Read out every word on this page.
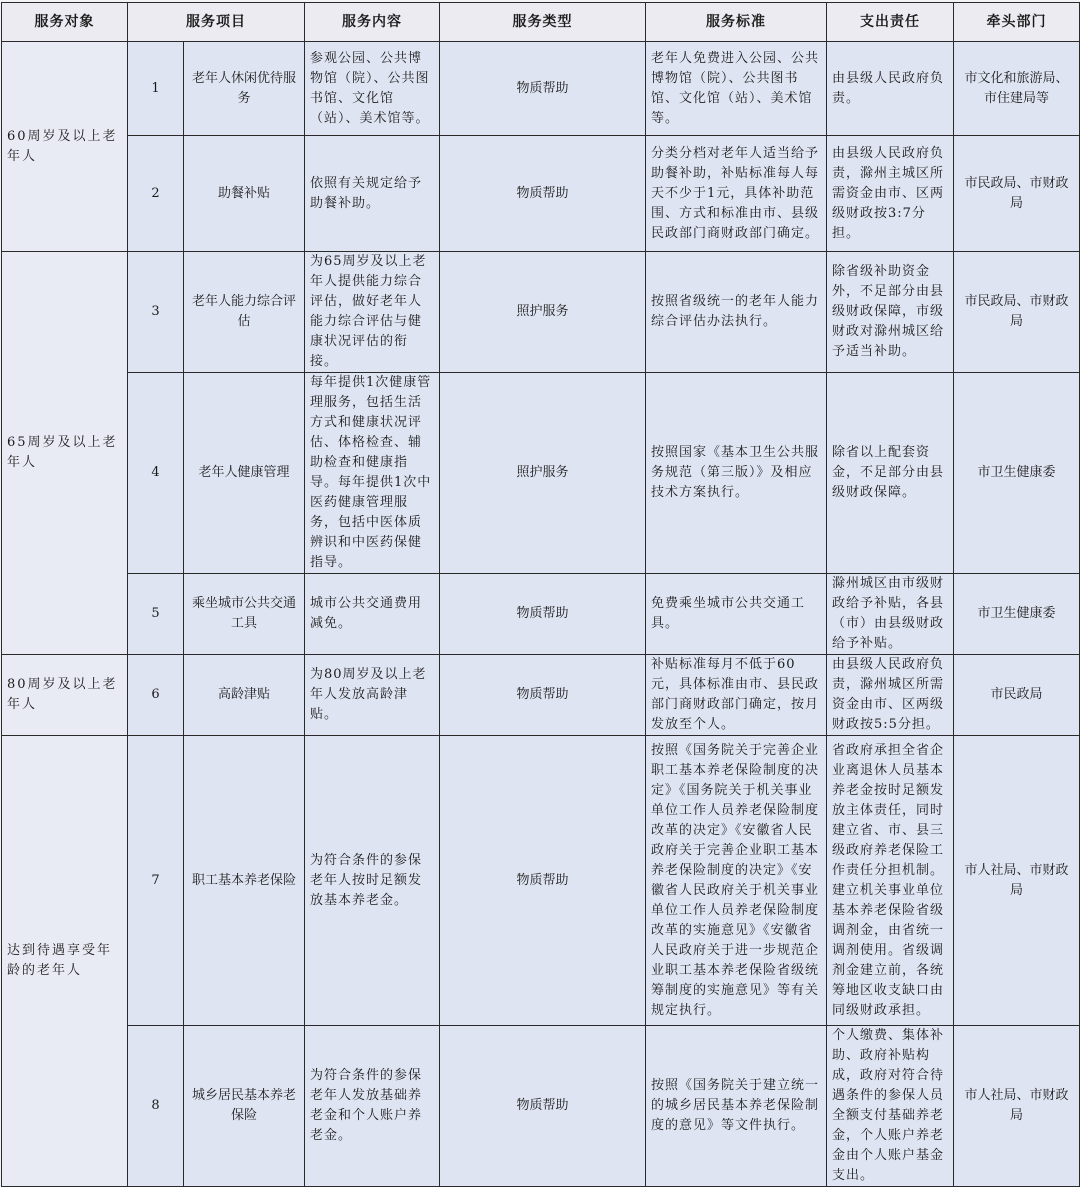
服务对象	服务项目		服务内容	服务类型	服务标准	支出责任	牵头部门
60周岁及以上老年人	1	老年人休闲优待服务	参观公园、公共博物馆（院）、公共图书馆、文化馆（站）、美术馆等。	物质帮助	老年人免费进入公园、公共博物馆（院）、公共图书馆、文化馆（站）、美术馆等。	由县级人民政府负责。	市文化和旅游局、市住建局等
	2	助餐补贴	依照有关规定给予助餐补助。	物质帮助	分类分档对老年人适当给予助餐补助，补贴标准每人每天不少于1元，具体补助范围、方式和标准由市、县级民政部门商财政部门确定。	由县级人民政府负责，滁州主城区所需资金由市、区两级财政按3:7分担。	市民政局、市财政局
65周岁及以上老年人	3	老年人能力综合评估	为65周岁及以上老年人提供能力综合评估，做好老年人能力综合评估与健康状况评估的衔接。	照护服务	按照省级统一的老年人能力综合评估办法执行。	除省级补助资金外，不足部分由县级财政保障，市级财政对滁州城区给予适当补助。	市民政局、市财政局
	4	老年人健康管理	每年提供1次健康管理服务，包括生活方式和健康状况评估、体格检查、辅助检查和健康指导。每年提供1次中医药健康管理服务，包括中医体质辨识和中医药保健指导。	照护服务	按照国家《基本卫生公共服务规范（第三版）》及相应技术方案执行。	除省以上配套资金，不足部分由县级财政保障。	市卫生健康委
	5	乘坐城市公共交通工具	城市公共交通费用减免。	物质帮助	免费乘坐城市公共交通工具。	滁州城区由市级财政给予补贴，各县（市）由县级财政给予补贴。	市卫生健康委
80周岁及以上老年人	6	高龄津贴	为80周岁及以上老年人发放高龄津贴。	物质帮助	补贴标准每月不低于60元，具体标准由市、县民政部门商财政部门确定，按月发放至个人。	由县级人民政府负责，滁州城区所需资金由市、区两级财政按5:5分担。	市民政局
达到待遇享受年龄的老年人	7	职工基本养老保险	为符合条件的参保老年人按时足额发放基本养老金。	物质帮助	按照《国务院关于完善企业职工基本养老保险制度的决定》《国务院关于机关事业单位工作人员养老保险制度改革的决定》《安徽省人民政府关于完善企业职工基本养老保险制度的决定》《安徽省人民政府关于机关事业单位工作人员养老保险制度改革的实施意见》《安徽省人民政府关于进一步规范企业职工基本养老保险省级统筹制度的实施意见》等有关规定执行。	省政府承担全省企业离退休人员基本养老金按时足额发放主体责任，同时建立省、市、县三级政府养老保险工作责任分担机制。建立机关事业单位基本养老保险省级调剂金，由省统一调剂使用。省级调剂金建立前，各统筹地区收支缺口由同级财政承担。	市人社局、市财政局
	8	城乡居民基本养老保险	为符合条件的参保老年人发放基础养老金和个人账户养老金。	物质帮助	按照《国务院关于建立统一的城乡居民基本养老保险制度的意见》等文件执行。	个人缴费、集体补助、政府补贴构成，政府对符合待遇条件的参保人员全额支付基础养老金，个人账户养老金由个人账户基金支出。	市人社局、市财政局
